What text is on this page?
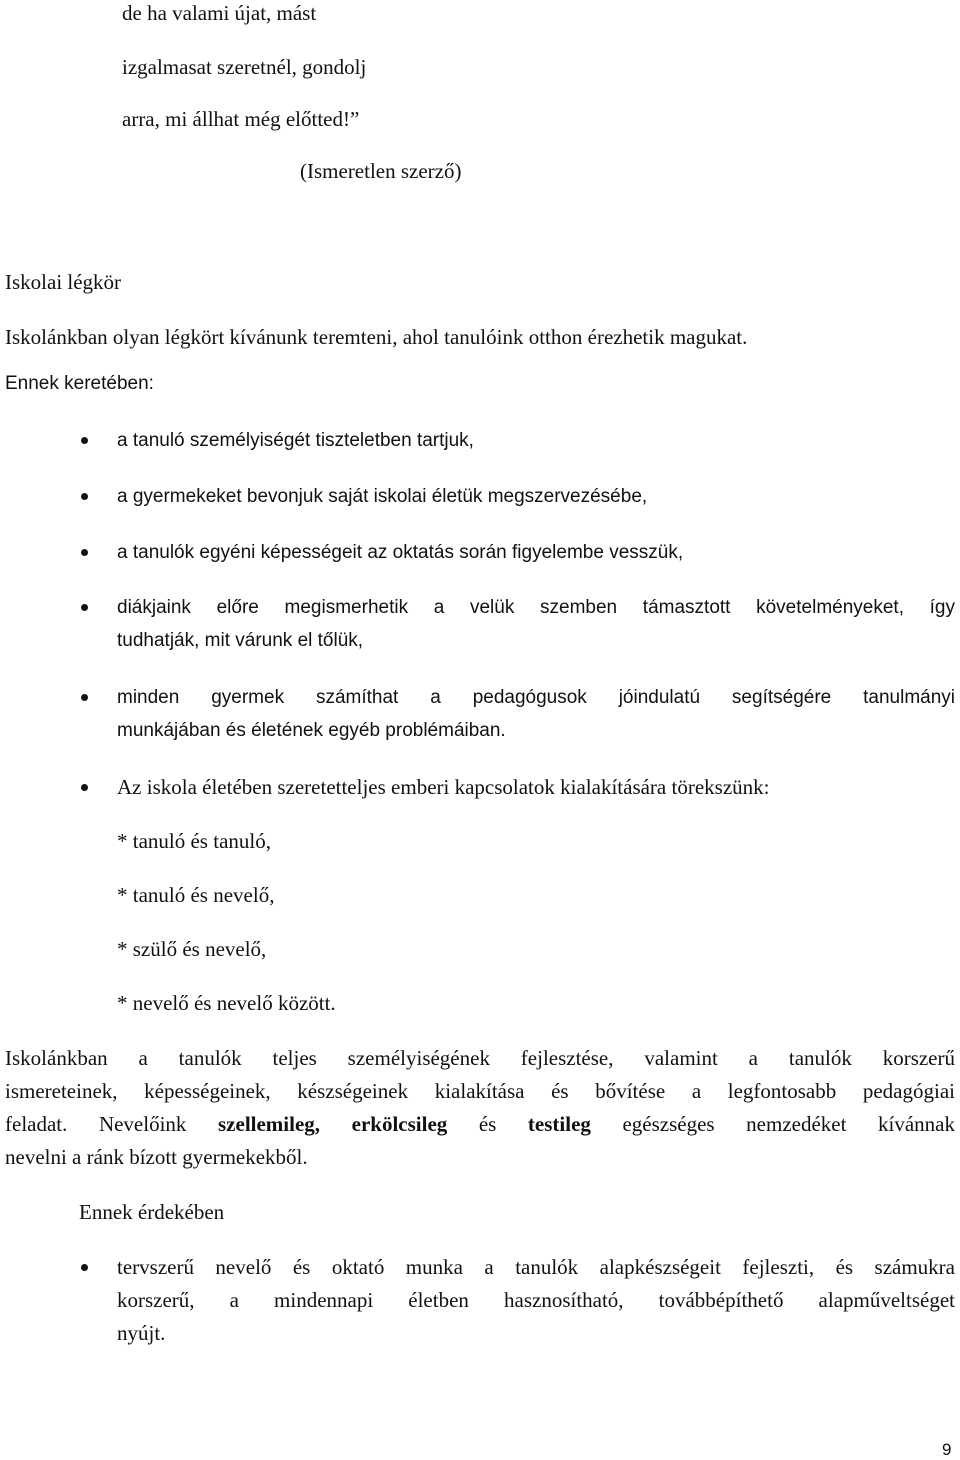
de ha valami újat, mást
izgalmasat szeretnél, gondolj
arra, mi állhat még előtted!”
(Ismeretlen szerző)
Iskolai légkör
Iskolánkban olyan légkört kívánunk teremteni, ahol tanulóink otthon érezhetik magukat.
Ennek keretében:
a tanuló személyiségét tiszteletben tartjuk,
a gyermekeket bevonjuk saját iskolai életük megszervezésébe,
a tanulók egyéni képességeit az oktatás során figyelembe vesszük,
diákjaink előre megismerhetik a velük szemben támasztott követelményeket, így
tudhatják, mit várunk el tőlük,
minden gyermek számíthat a pedagógusok jóindulatú segítségére tanulmányi
munkájában és életének egyéb problémáiban.
Az iskola életében szeretetteljes emberi kapcsolatok kialakítására törekszünk:
* tanuló és tanuló,
* tanuló és nevelő,
* szülő és nevelő,
* nevelő és nevelő között.
Iskolánkban a tanulók teljes személyiségének fejlesztése, valamint a tanulók korszerű
ismereteinek, képességeinek, készségeinek kialakítása és bővítése a legfontosabb pedagógiai
feladat. Nevelőink szellemileg, erkölcsileg és testileg egészséges nemzedéket kívánnak
nevelni a ránk bízott gyermekekből.
Ennek érdekében
tervszerű nevelő és oktató munka a tanulók alapkészségeit fejleszti, és számukra
korszerű, a mindennapi életben hasznosítható, továbbépíthető alapműveltséget
nyújt.
9
